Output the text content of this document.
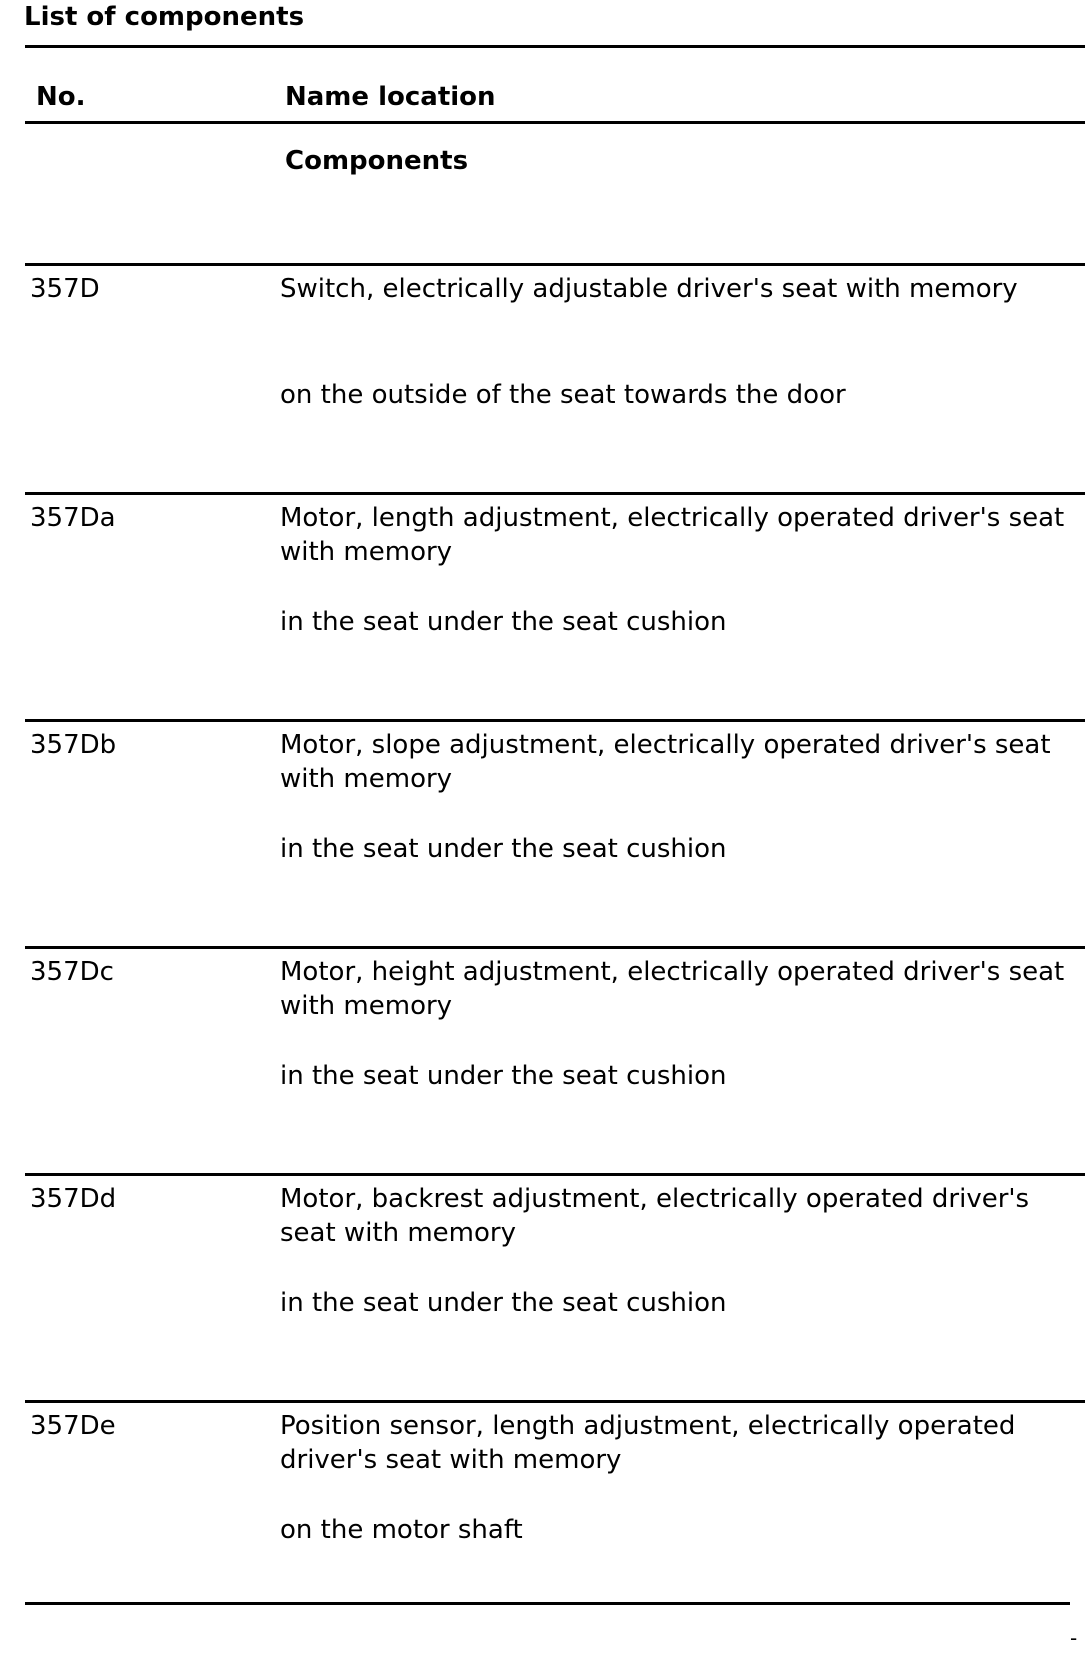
List of components
No.	Name location
Components
357D	Switch, electrically adjustable driver's seat with memory
on the outside of the seat towards the door
357Da	Motor, length adjustment, electrically operated driver's seat with memory
in the seat under the seat cushion
357Db	Motor, slope adjustment, electrically operated driver's seat with memory
in the seat under the seat cushion
357Dc	Motor, height adjustment, electrically operated driver's seat with memory
in the seat under the seat cushion
357Dd	Motor, backrest adjustment, electrically operated driver's seat with memory
in the seat under the seat cushion
357De	Position sensor, length adjustment, electrically operated driver's seat with memory
on the motor shaft
-
